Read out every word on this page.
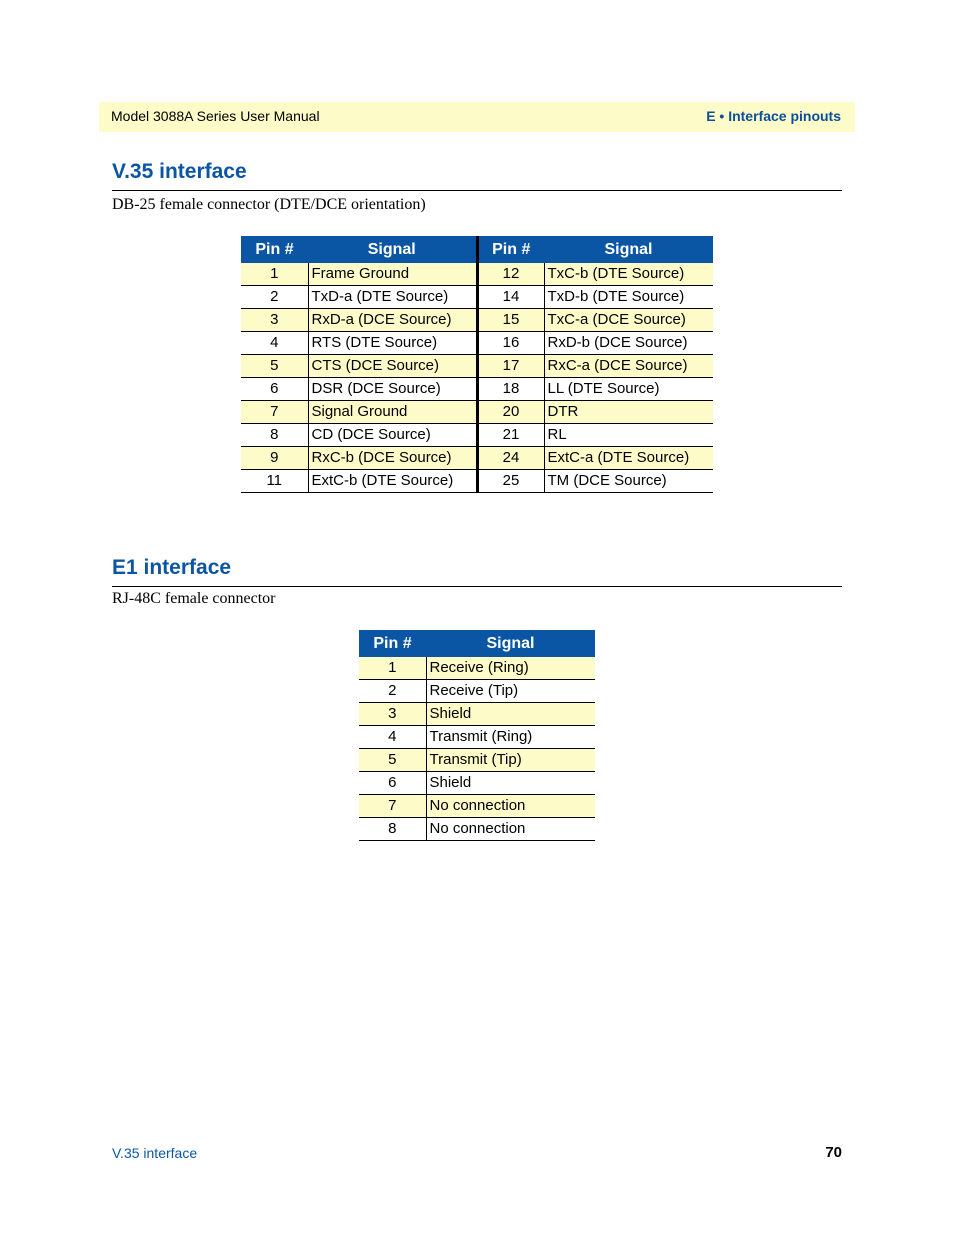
Model 3088A Series User Manual	E • Interface pinouts
V.35 interface
DB-25 female connector (DTE/DCE orientation)
Pin #	Signal	Pin #	Signal
1	Frame Ground	12	TxC-b (DTE Source)
2	TxD-a (DTE Source)	14	TxD-b (DTE Source)
3	RxD-a (DCE Source)	15	TxC-a (DCE Source)
4	RTS (DTE Source)	16	RxD-b (DCE Source)
5	CTS (DCE Source)	17	RxC-a (DCE Source)
6	DSR (DCE Source)	18	LL (DTE Source)
7	Signal Ground	20	DTR
8	CD (DCE Source)	21	RL
9	RxC-b (DCE Source)	24	ExtC-a (DTE Source)
11	ExtC-b (DTE Source)	25	TM (DCE Source)
E1 interface
RJ-48C female connector
Pin #	Signal
1	Receive (Ring)
2	Receive (Tip)
3	Shield
4	Transmit (Ring)
5	Transmit (Tip)
6	Shield
7	No connection
8	No connection
V.35 interface	70
